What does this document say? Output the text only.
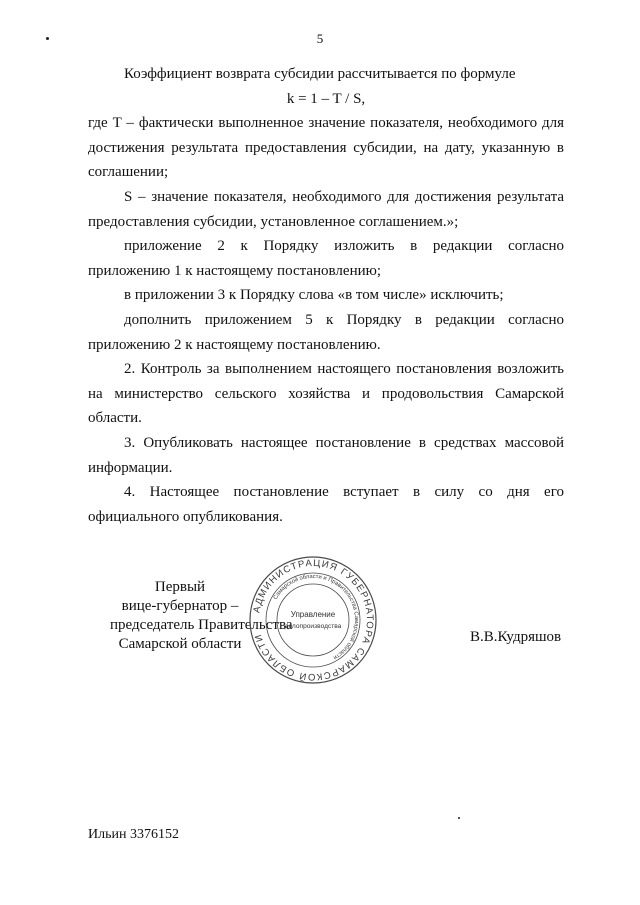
5

Коэффициент возврата субсидии рассчитывается по формуле

k = 1 – T / S,

где T – фактически выполненное значение показателя, необходимого для достижения результата предоставления субсидии, на дату, указанную в соглашении;

S – значение показателя, необходимого для достижения результата предоставления субсидии, установленное соглашением.»;

приложение 2 к Порядку изложить в редакции согласно приложению 1 к настоящему постановлению;

в приложении 3 к Порядку слова «в том числе» исключить;

дополнить приложением 5 к Порядку в редакции согласно приложению 2 к настоящему постановлению.

2. Контроль за выполнением настоящего постановления возложить на министерство сельского хозяйства и продовольствия Самарской области.

3. Опубликовать настоящее постановление в средствах массовой информации.

4. Настоящее постановление вступает в силу со дня его официального опубликования.

Первый
вице-губернатор –
председатель Правительства
Самарской области
АДМИНИСТРАЦИЯ ГУБЕРНАТОРА САМАРСКОЙ ОБЛАСТИ
Самарской области и Правительства Самарской области
Управление
делопроизводства
В.В.Кудряшов
Ильин 3376152
